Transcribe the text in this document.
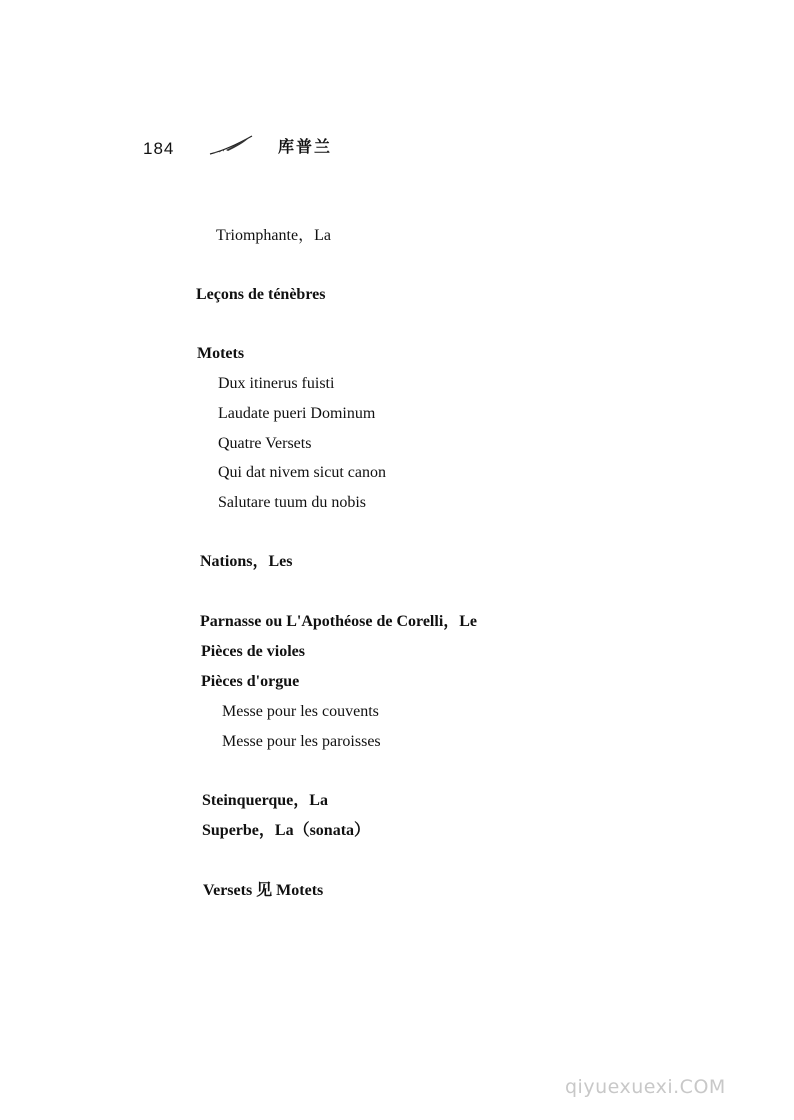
184	库普兰
Triomphante，La
Leçons de ténèbres
Motets
Dux itinerus fuisti
Laudate pueri Dominum
Quatre Versets
Qui dat nivem sicut canon
Salutare tuum du nobis
Nations，Les
Parnasse ou L'Apothéose de Corelli，Le
Pièces de violes
Pièces d'orgue
Messe pour les couvents
Messe pour les paroisses
Steinquerque，La
Superbe，La（sonata）
Versets 见 Motets
qiyuexuexi.COM
